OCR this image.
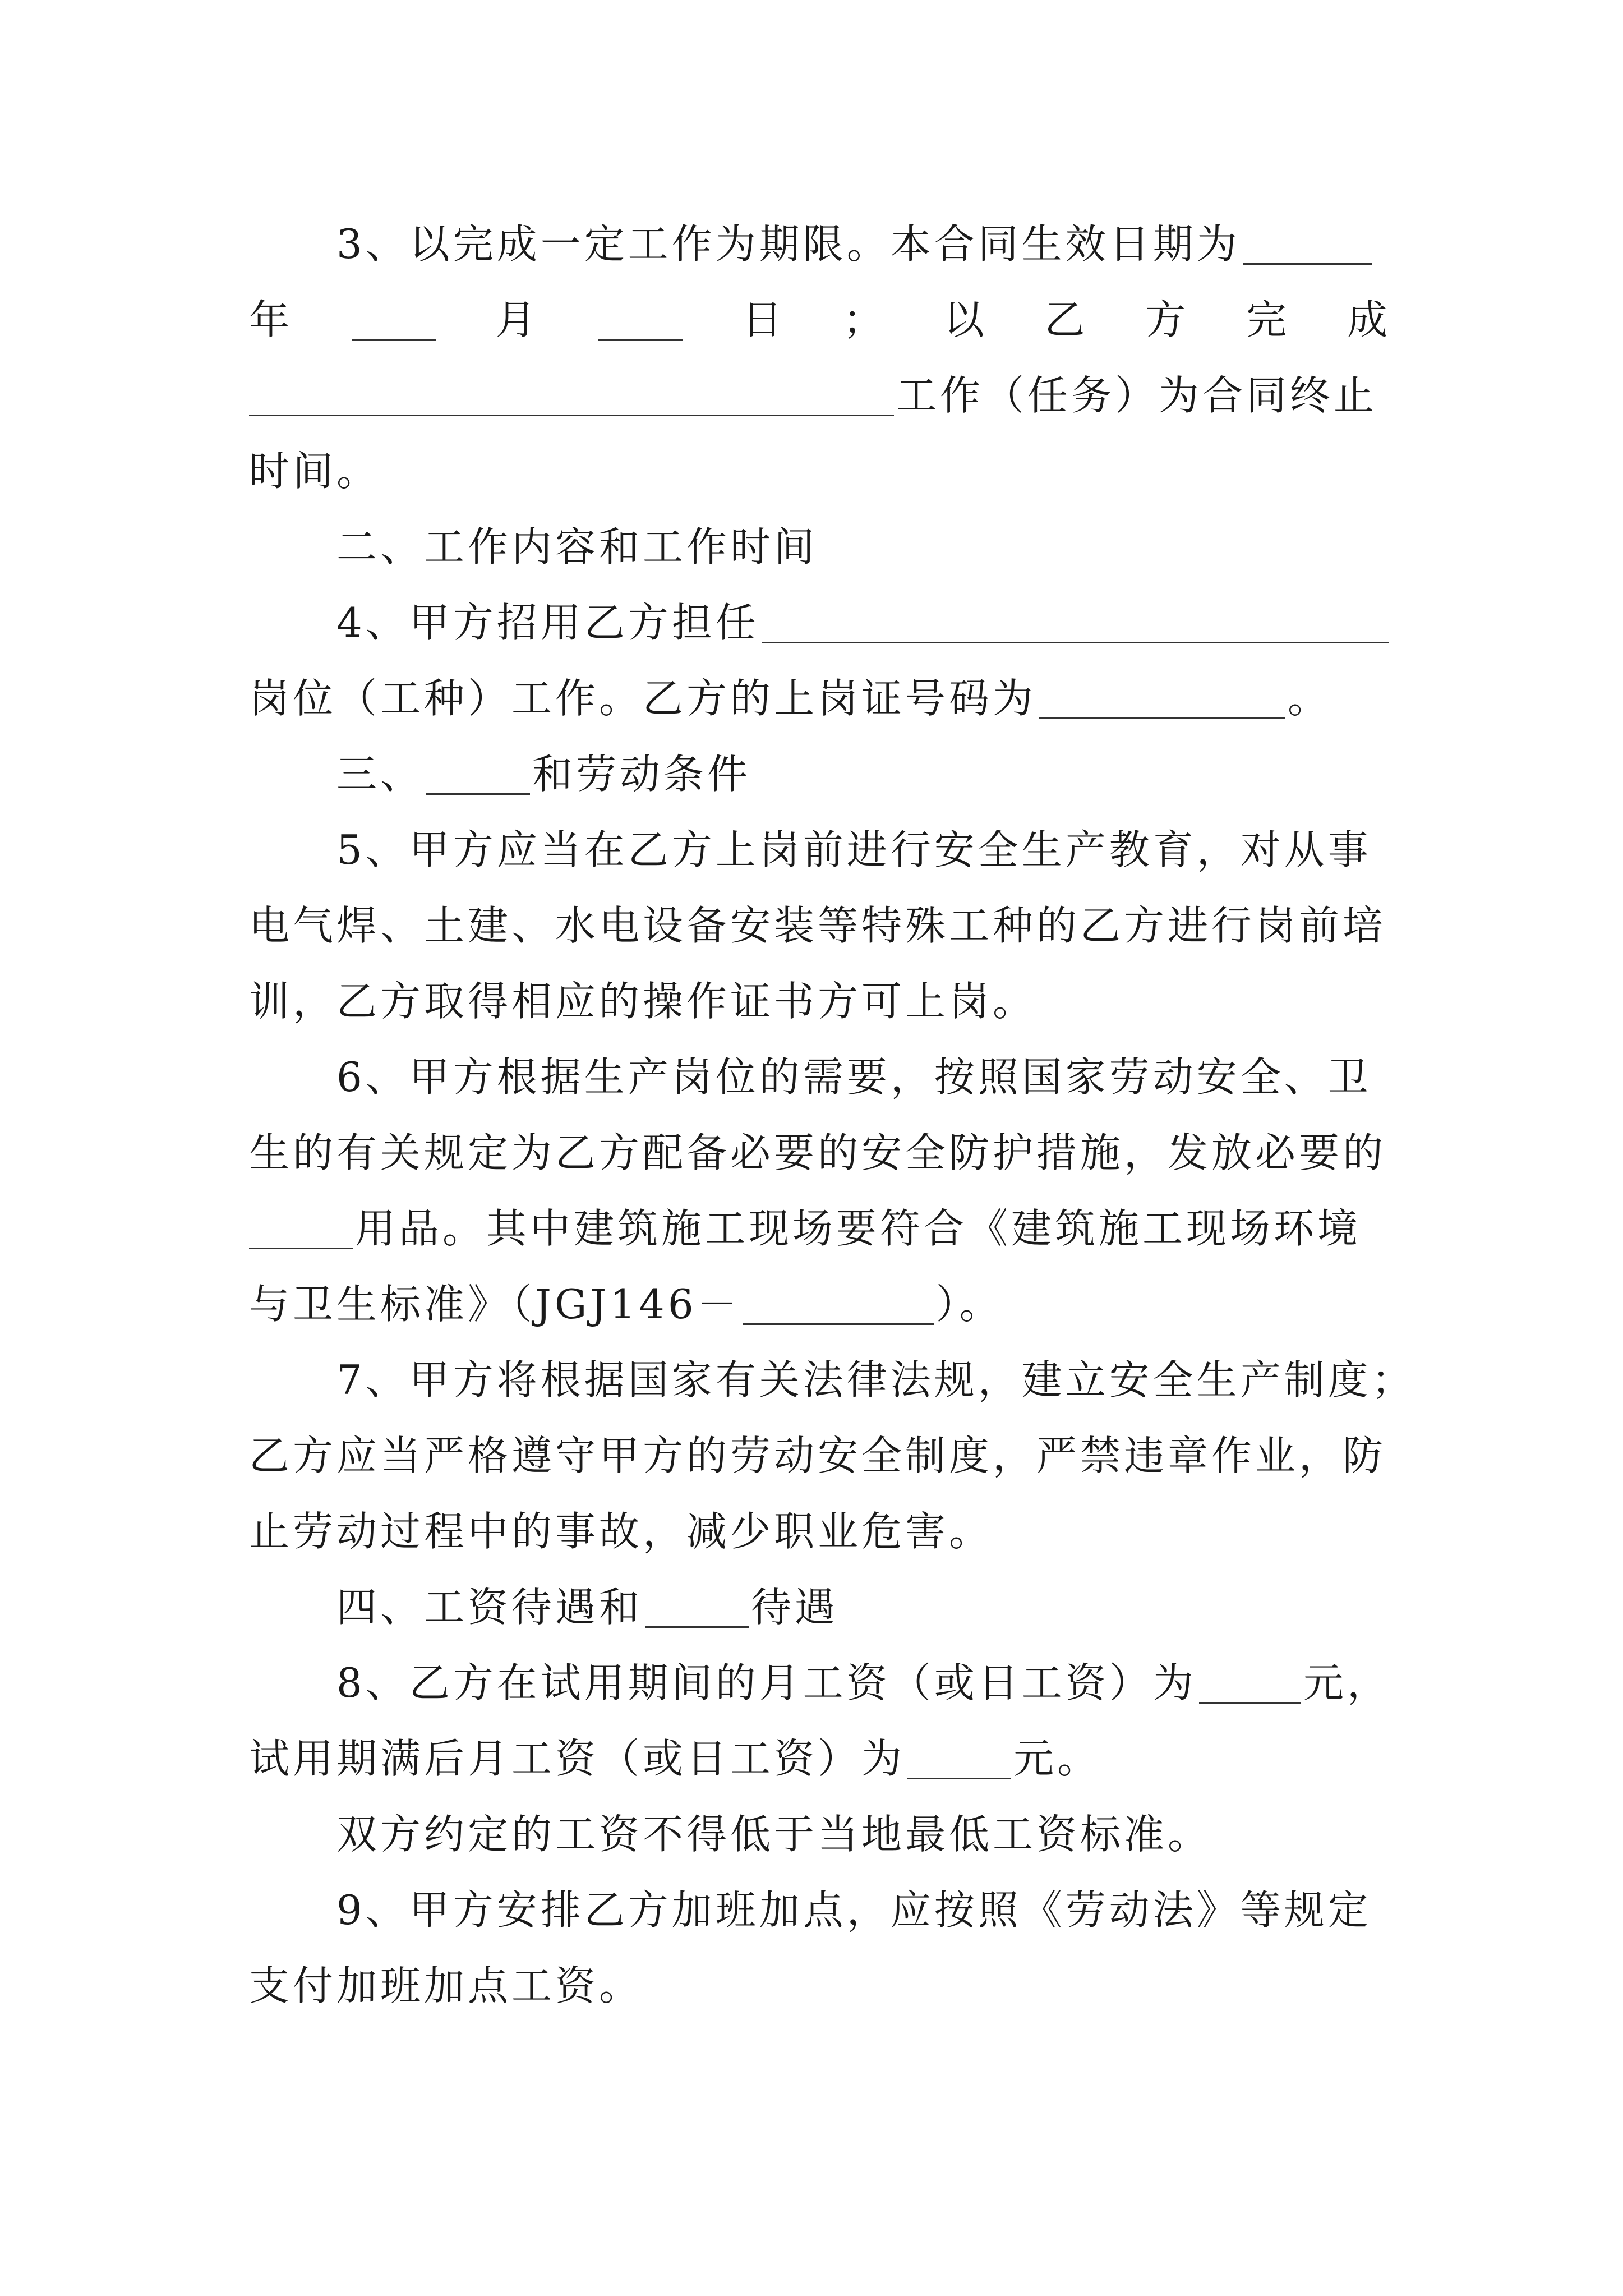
3、以完成一定工作为期限。本合同生效日期为
年	月	日 ； 以 乙 方 完 成
工作（任务）为合同终止
时间。
二、工作内容和工作时间
4、甲方招用乙方担任
岗位（工种）工作。乙方的上岗证号码为	。
三、	和劳动条件
5、甲方应当在乙方上岗前进行安全生产教育，对从事
电气焊、土建、水电设备安装等特殊工种的乙方进行岗前培
训，乙方取得相应的操作证书方可上岗。
6、甲方根据生产岗位的需要，按照国家劳动安全、卫
生的有关规定为乙方配备必要的安全防护措施，发放必要的
用品。其中建筑施工现场要符合《建筑施工现场环境
与卫生标准》（JGJ146－	）。
7、甲方将根据国家有关法律法规，建立安全生产制度；
乙方应当严格遵守甲方的劳动安全制度，严禁违章作业，防
止劳动过程中的事故，减少职业危害。
四、工资待遇和	待遇
8、乙方在试用期间的月工资（或日工资）为	元，
试用期满后月工资（或日工资）为	元。
双方约定的工资不得低于当地最低工资标准。
9、甲方安排乙方加班加点，应按照《劳动法》等规定
支付加班加点工资。
